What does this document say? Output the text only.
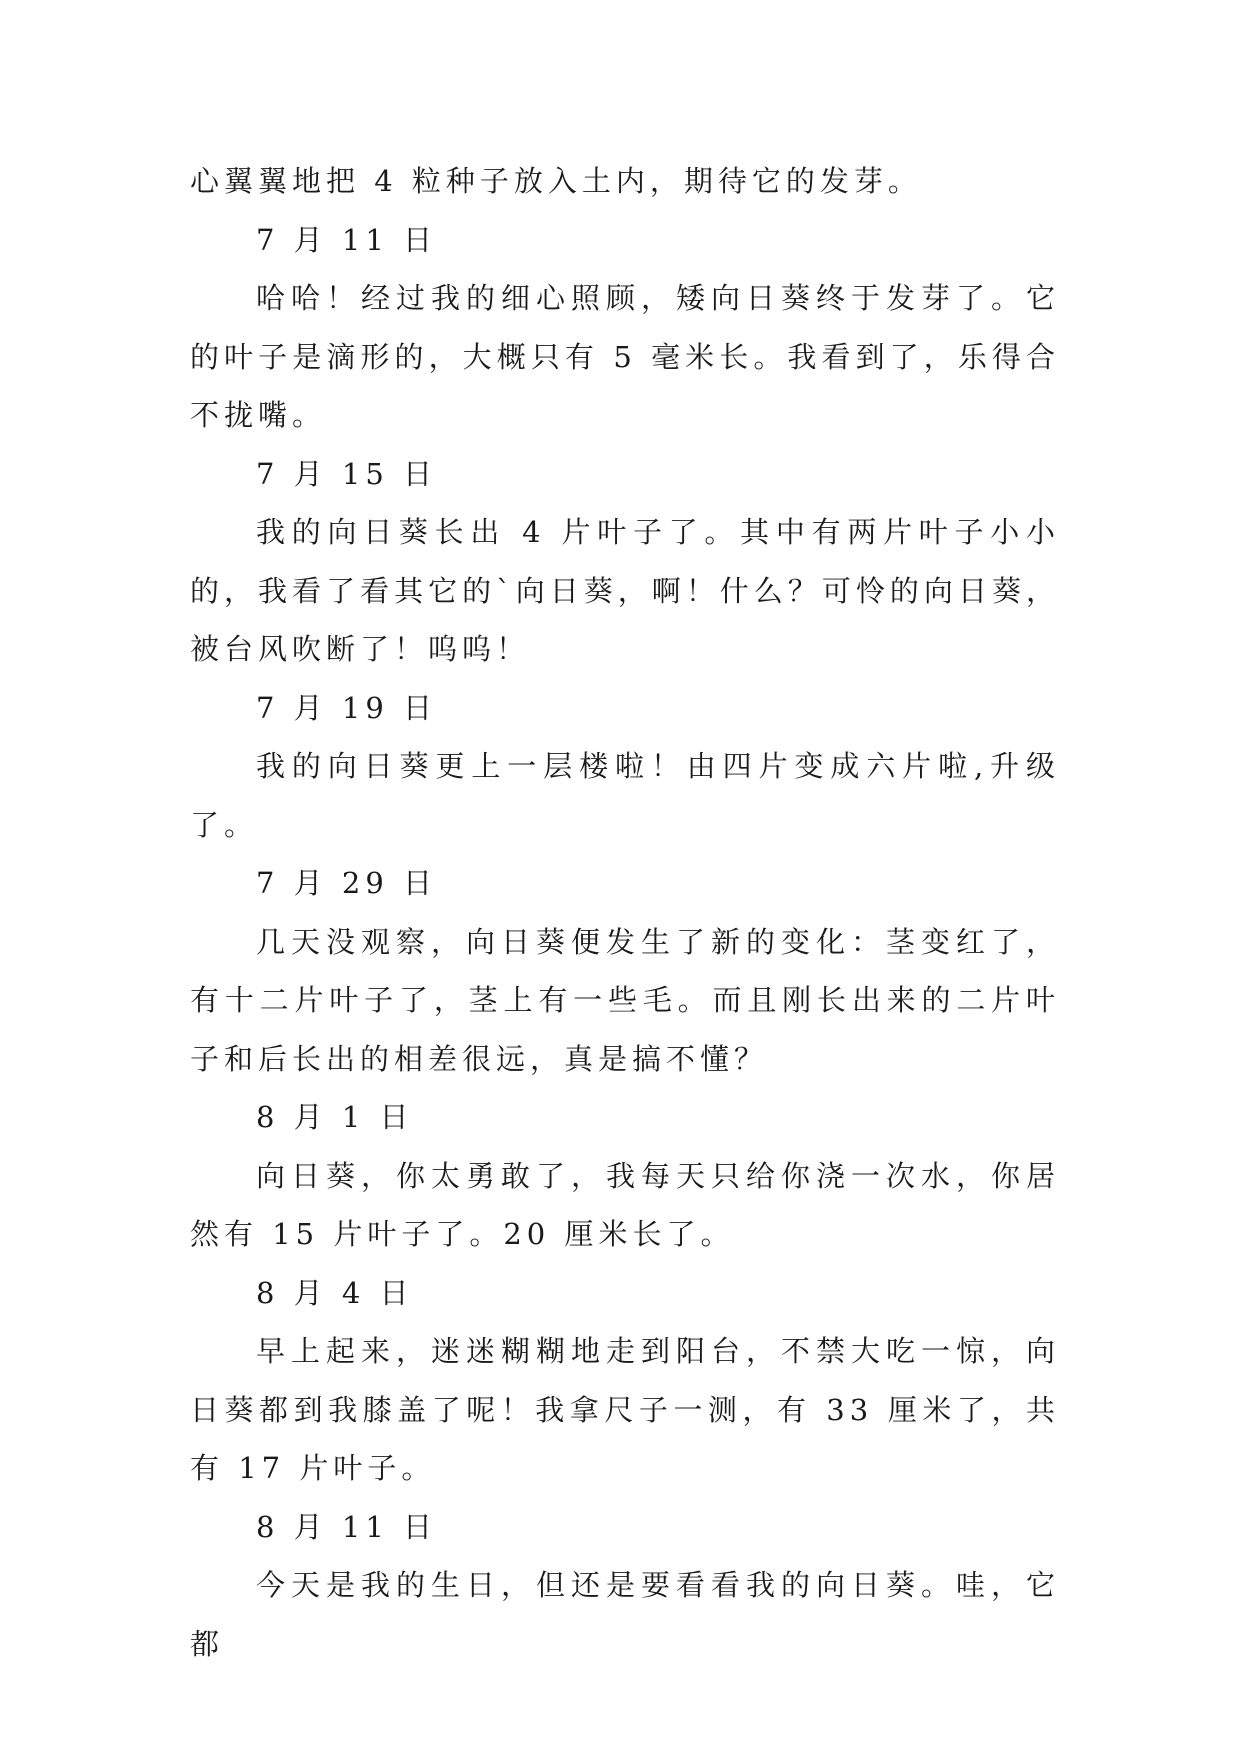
心翼翼地把 4 粒种子放入土内，期待它的发芽。

7 月 11 日

哈哈！经过我的细心照顾，矮向日葵终于发芽了。它的叶子是滴形的，大概只有 5 毫米长。我看到了，乐得合不拢嘴。

7 月 15 日

我的向日葵长出 4 片叶子了。其中有两片叶子小小的，我看了看其它的`向日葵，啊！什么？可怜的向日葵，被台风吹断了！呜呜！

7 月 19 日

我的向日葵更上一层楼啦！由四片变成六片啦,升级了。

7 月 29 日

几天没观察，向日葵便发生了新的变化：茎变红了，有十二片叶子了，茎上有一些毛。而且刚长出来的二片叶子和后长出的相差很远，真是搞不懂？

8 月 1 日

向日葵，你太勇敢了，我每天只给你浇一次水，你居然有 15 片叶子了。20 厘米长了。

8 月 4 日

早上起来，迷迷糊糊地走到阳台，不禁大吃一惊，向日葵都到我膝盖了呢！我拿尺子一测，有 33 厘米了，共有 17 片叶子。

8 月 11 日

今天是我的生日，但还是要看看我的向日葵。哇，它都
